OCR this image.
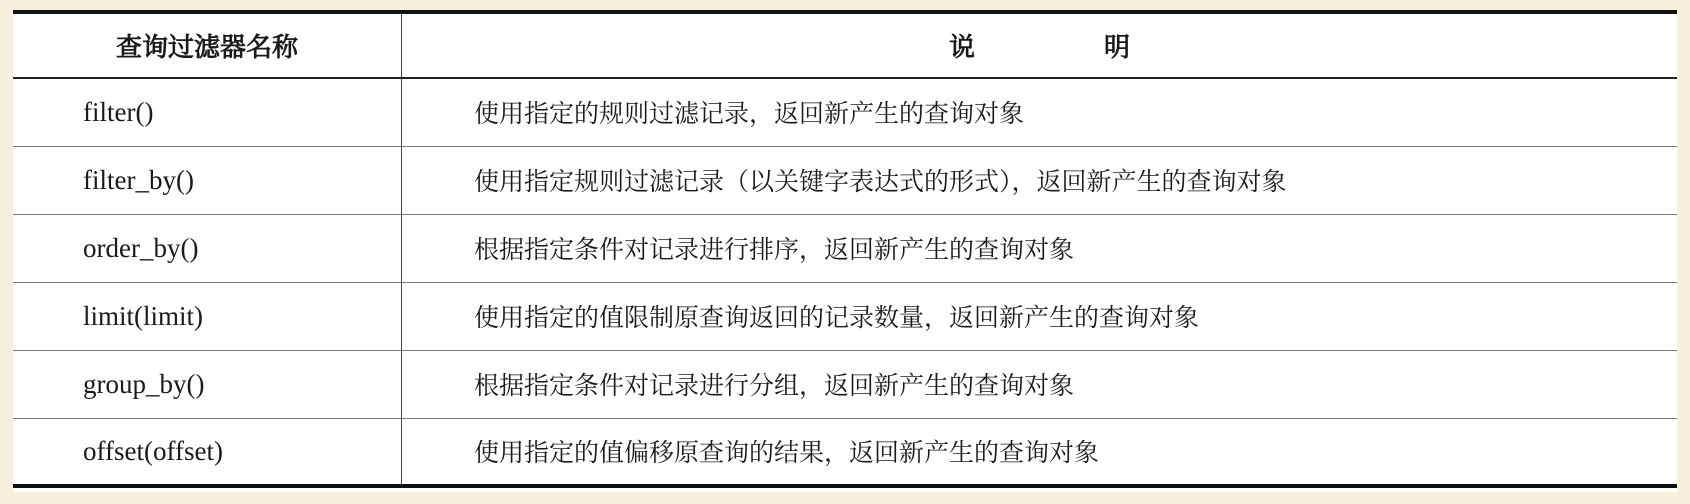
查询过滤器名称	说 明
filter()	使用指定的规则过滤记录，返回新产生的查询对象
filter_by()	使用指定规则过滤记录（以关键字表达式的形式），返回新产生的查询对象
order_by()	根据指定条件对记录进行排序，返回新产生的查询对象
limit(limit)	使用指定的值限制原查询返回的记录数量，返回新产生的查询对象
group_by()	根据指定条件对记录进行分组，返回新产生的查询对象
offset(offset)	使用指定的值偏移原查询的结果，返回新产生的查询对象
